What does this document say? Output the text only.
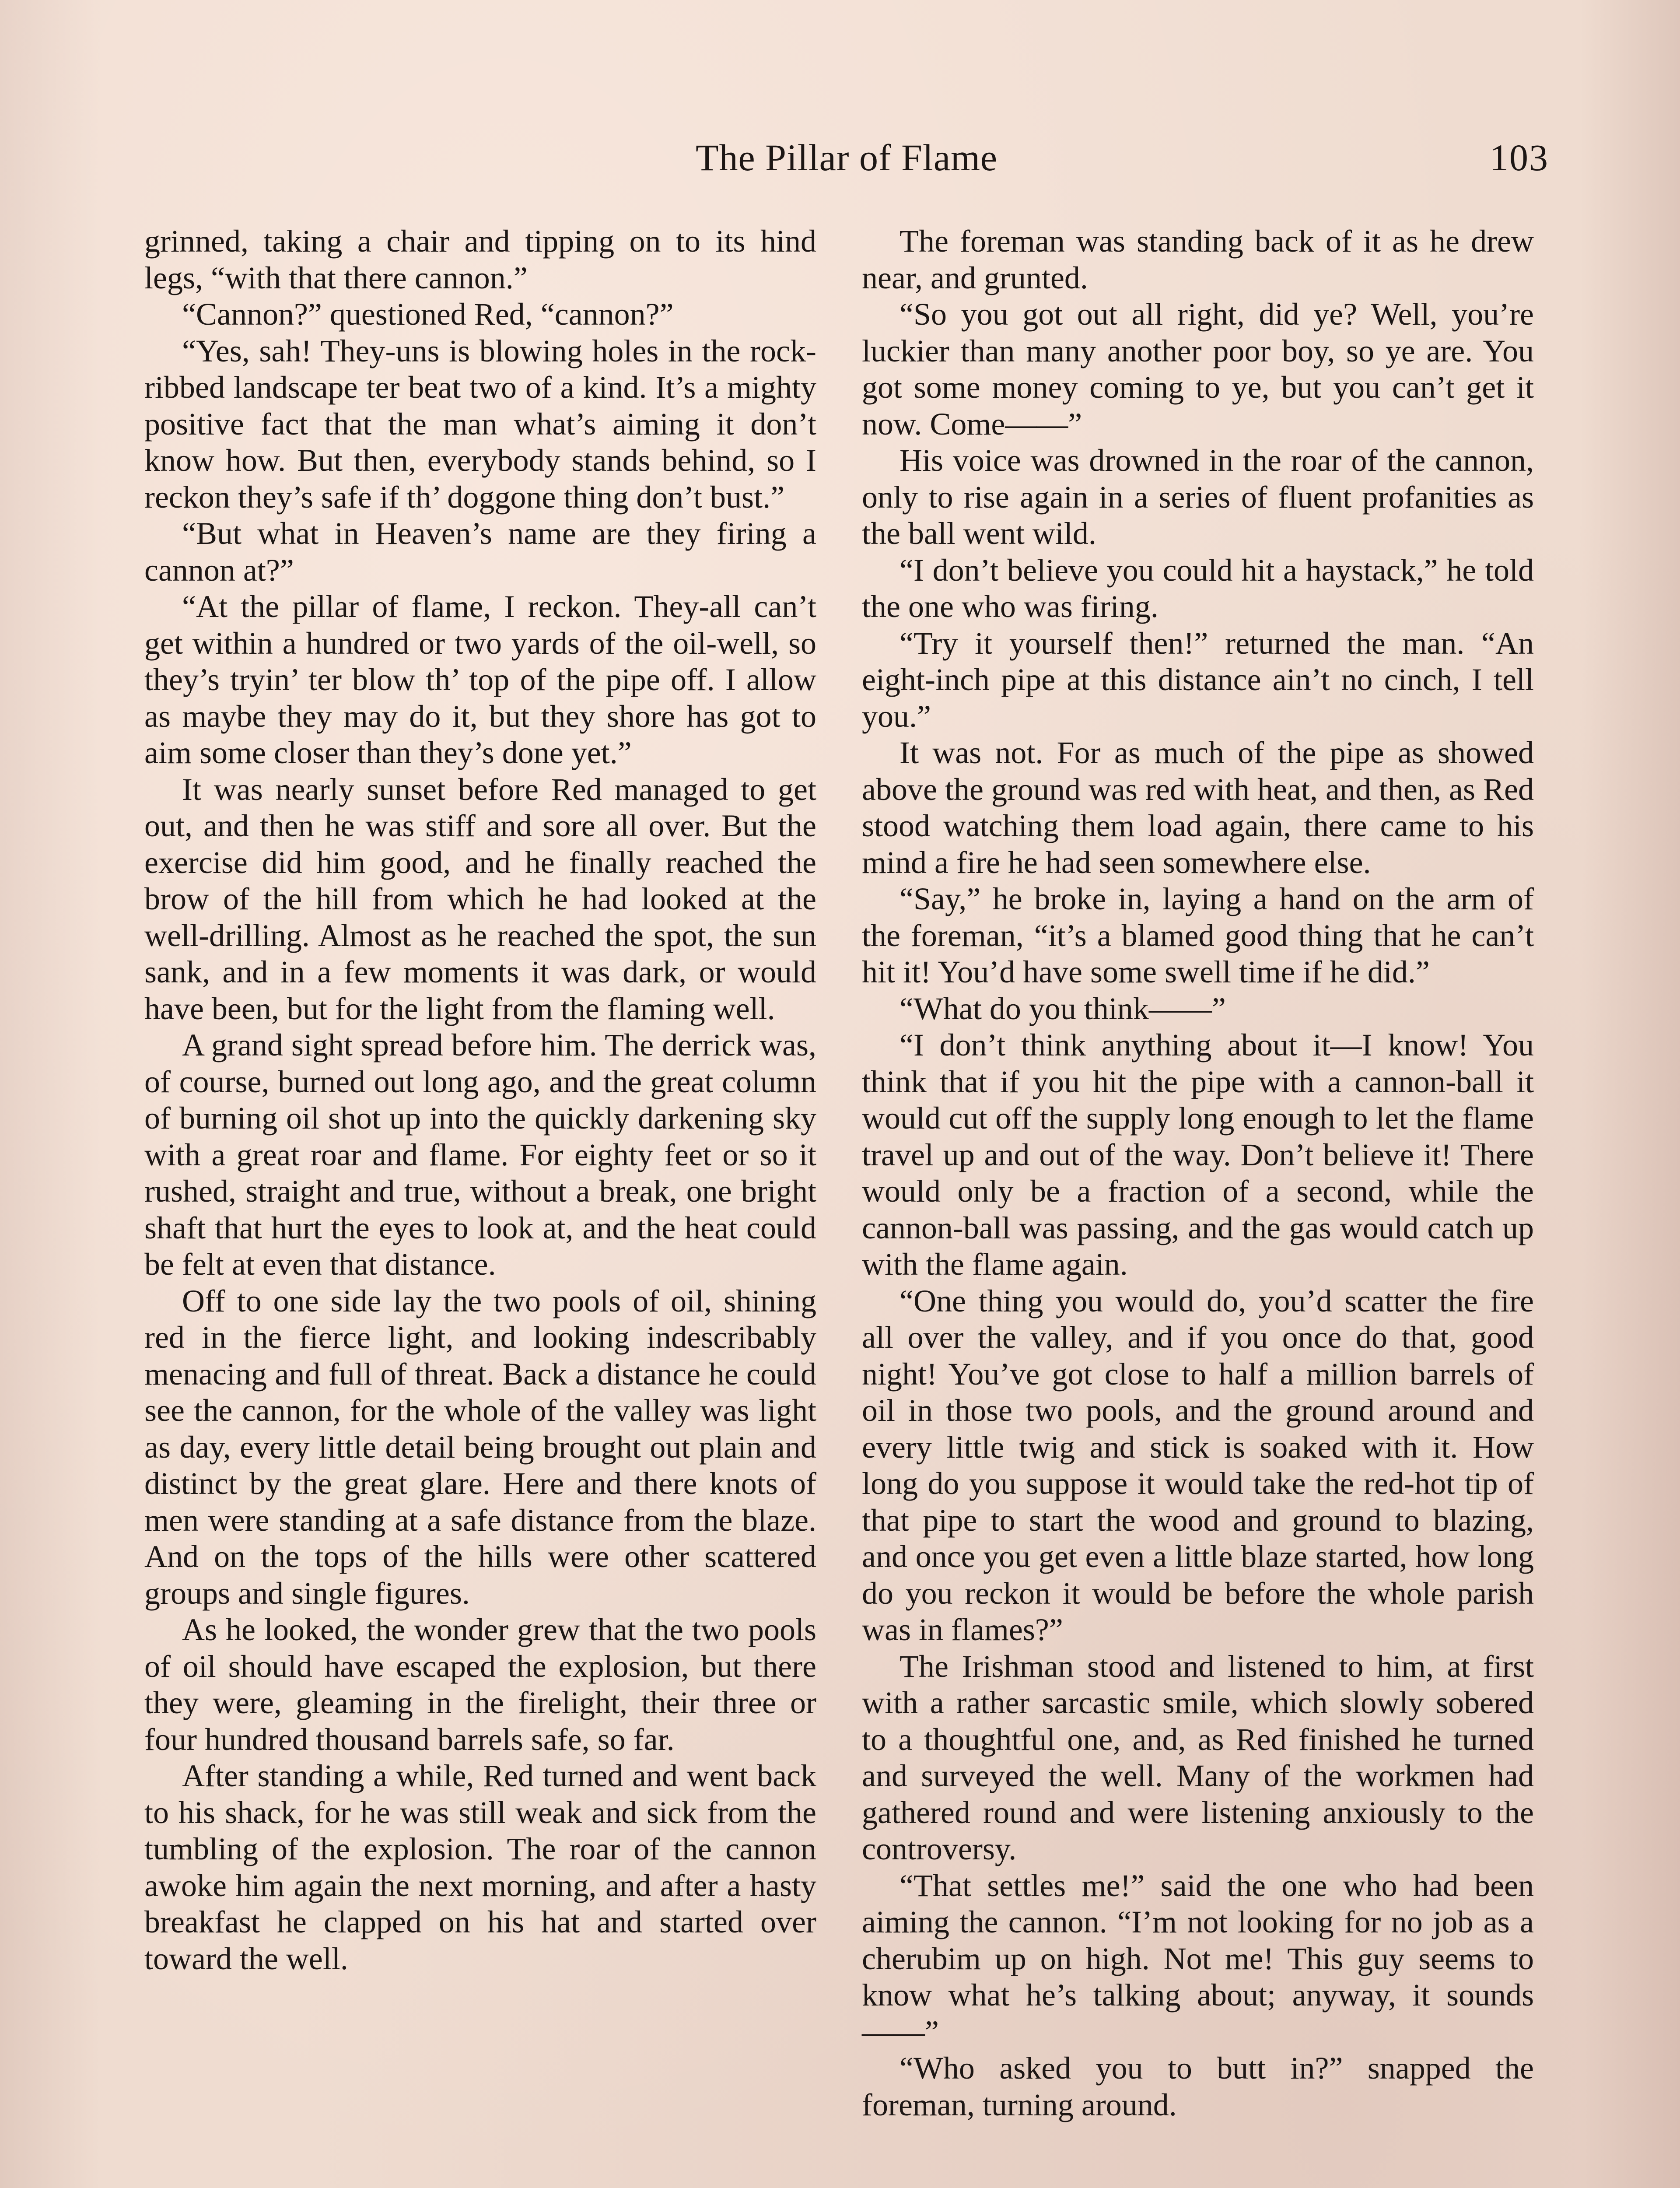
The Pillar of Flame	103

grinned, taking a chair and tipping on to its hind legs, “with that there cannon.”

“Cannon?” questioned Red, “cannon?”

“Yes, sah! They-uns is blowing holes in the rock-ribbed landscape ter beat two of a kind. It’s a mighty positive fact that the man what’s aiming it don’t know how. But then, everybody stands behind, so I reckon they’s safe if th’ doggone thing don’t bust.”

“But what in Heaven’s name are they firing a cannon at?”

“At the pillar of flame, I reckon. They-all can’t get within a hundred or two yards of the oil-well, so they’s tryin’ ter blow th’ top of the pipe off. I allow as maybe they may do it, but they shore has got to aim some closer than they’s done yet.”

It was nearly sunset before Red managed to get out, and then he was stiff and sore all over. But the exercise did him good, and he finally reached the brow of the hill from which he had looked at the well-drilling. Almost as he reached the spot, the sun sank, and in a few moments it was dark, or would have been, but for the light from the flaming well.

A grand sight spread before him. The derrick was, of course, burned out long ago, and the great column of burning oil shot up into the quickly darkening sky with a great roar and flame. For eighty feet or so it rushed, straight and true, without a break, one bright shaft that hurt the eyes to look at, and the heat could be felt at even that distance.

Off to one side lay the two pools of oil, shining red in the fierce light, and looking indescribably menacing and full of threat. Back a distance he could see the cannon, for the whole of the valley was light as day, every little detail being brought out plain and distinct by the great glare. Here and there knots of men were standing at a safe distance from the blaze. And on the tops of the hills were other scattered groups and single figures.

As he looked, the wonder grew that the two pools of oil should have escaped the explosion, but there they were, gleaming in the firelight, their three or four hundred thousand barrels safe, so far.

After standing a while, Red turned and went back to his shack, for he was still weak and sick from the tumbling of the explosion. The roar of the cannon awoke him again the next morning, and after a hasty breakfast he clapped on his hat and started over toward the well.

The foreman was standing back of it as he drew near, and grunted.

“So you got out all right, did ye? Well, you’re luckier than many another poor boy, so ye are. You got some money coming to ye, but you can’t get it now. Come——”

His voice was drowned in the roar of the cannon, only to rise again in a series of fluent profanities as the ball went wild.

“I don’t believe you could hit a haystack,” he told the one who was firing.

“Try it yourself then!” returned the man. “An eight-inch pipe at this distance ain’t no cinch, I tell you.”

It was not. For as much of the pipe as showed above the ground was red with heat, and then, as Red stood watching them load again, there came to his mind a fire he had seen somewhere else.

“Say,” he broke in, laying a hand on the arm of the foreman, “it’s a blamed good thing that he can’t hit it! You’d have some swell time if he did.”

“What do you think——”

“I don’t think anything about it—I know! You think that if you hit the pipe with a cannon-ball it would cut off the supply long enough to let the flame travel up and out of the way. Don’t believe it! There would only be a fraction of a second, while the cannon-ball was passing, and the gas would catch up with the flame again.

“One thing you would do, you’d scatter the fire all over the valley, and if you once do that, good night! You’ve got close to half a million barrels of oil in those two pools, and the ground around and every little twig and stick is soaked with it. How long do you suppose it would take the red-hot tip of that pipe to start the wood and ground to blazing, and once you get even a little blaze started, how long do you reckon it would be before the whole parish was in flames?”

The Irishman stood and listened to him, at first with a rather sarcastic smile, which slowly sobered to a thoughtful one, and, as Red finished he turned and surveyed the well. Many of the workmen had gathered round and were listening anxiously to the controversy.

“That settles me!” said the one who had been aiming the cannon. “I’m not looking for no job as a cherubim up on high. Not me! This guy seems to know what he’s talking about; anyway, it sounds——”

“Who asked you to butt in?” snapped the foreman, turning around.
